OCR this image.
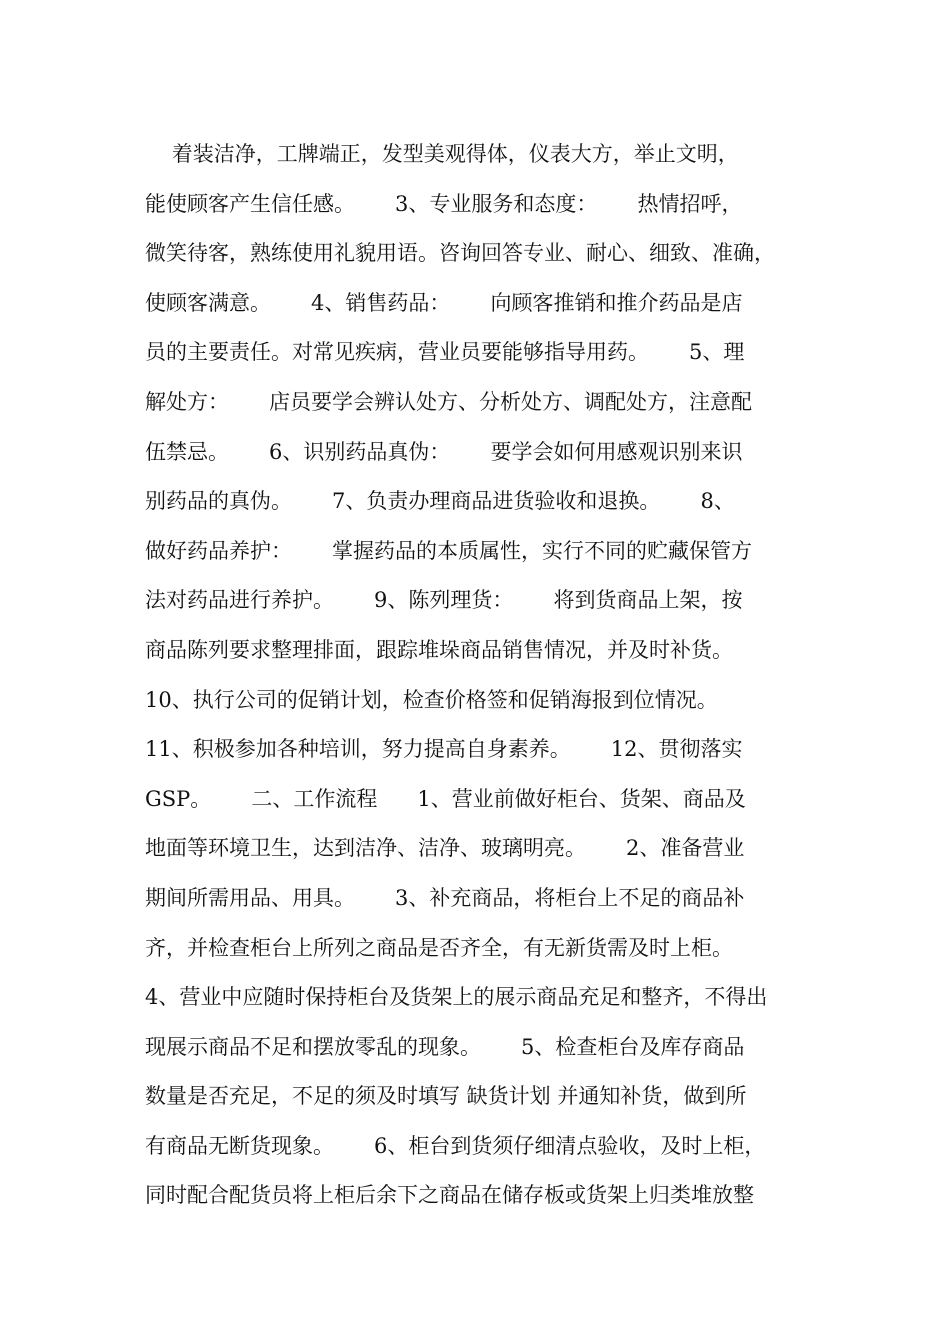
着装洁净，工牌端正，发型美观得体，仪表大方，举止文明，
能使顾客产生信任感。      3、专业服务和态度：      热情招呼，
微笑待客，熟练使用礼貌用语。咨询回答专业、耐心、细致、准确，
使顾客满意。      4、销售药品：      向顾客推销和推介药品是店
员的主要责任。对常见疾病，营业员要能够指导用药。      5、理
解处方：      店员要学会辨认处方、分析处方、调配处方，注意配
伍禁忌。      6、识别药品真伪：      要学会如何用感观识别来识
别药品的真伪。      7、负责办理商品进货验收和退换。      8、
做好药品养护：      掌握药品的本质属性，实行不同的贮藏保管方
法对药品进行养护。      9、陈列理货：      将到货商品上架，按
商品陈列要求整理排面，跟踪堆垛商品销售情况，并及时补货。
10、执行公司的促销计划，检查价格签和促销海报到位情况。
11、积极参加各种培训，努力提高自身素养。      12、贯彻落实
GSP。      二、工作流程      1、营业前做好柜台、货架、商品及
地面等环境卫生，达到洁净、洁净、玻璃明亮。      2、准备营业
期间所需用品、用具。      3、补充商品，将柜台上不足的商品补
齐，并检查柜台上所列之商品是否齐全，有无新货需及时上柜。
4、营业中应随时保持柜台及货架上的展示商品充足和整齐，不得出
现展示商品不足和摆放零乱的现象。      5、检查柜台及库存商品
数量是否充足，不足的须及时填写 缺货计划 并通知补货，做到所
有商品无断货现象。      6、柜台到货须仔细清点验收，及时上柜，
同时配合配货员将上柜后余下之商品在储存板或货架上归类堆放整
